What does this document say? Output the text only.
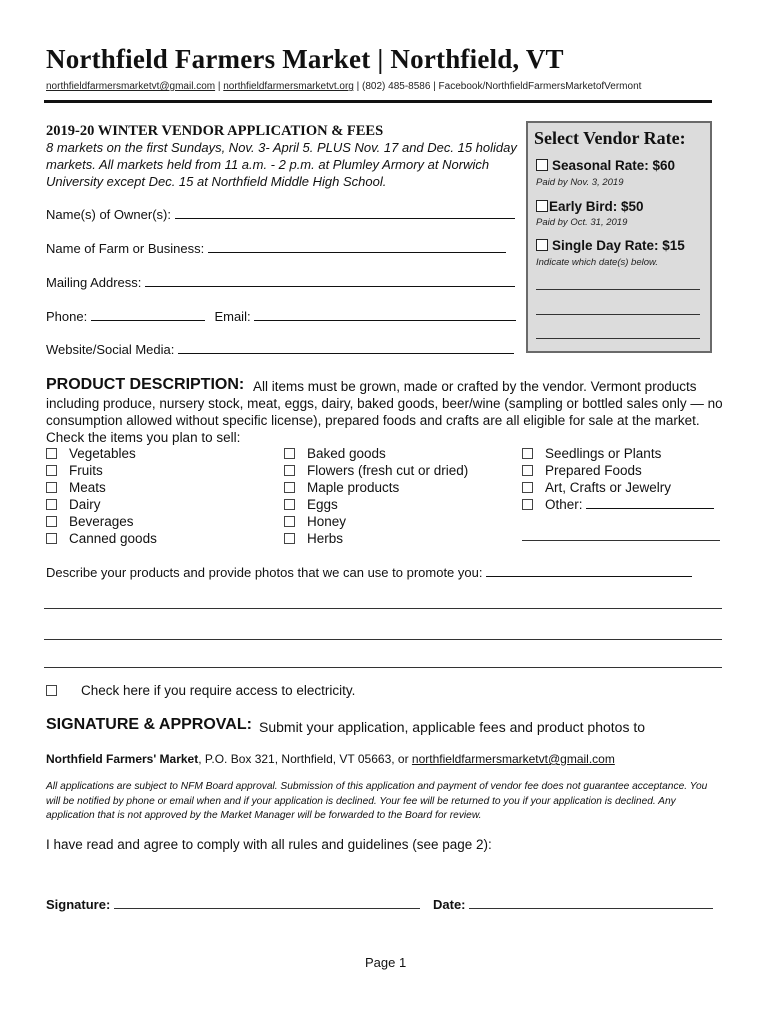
Northfield Farmers Market | Northfield, VT
northfieldfarmersmarketvt@gmail.com | northfieldfarmersmarketvt.org | (802) 485-8586 | Facebook/NorthfieldFarmersMarketofVermont
2019-20 WINTER VENDOR APPLICATION & FEES
8 markets on the first Sundays, Nov. 3- April 5. PLUS Nov. 17 and Dec. 15 holiday markets. All markets held from 11 a.m. - 2 p.m. at Plumley Armory at Norwich University except Dec. 15 at Northfield Middle High School.
Name(s) of Owner(s):
Name of Farm or Business:
Mailing Address:
Phone:	Email:
Website/Social Media:
Select Vendor Rate:
Seasonal Rate: $60
Paid by Nov. 3, 2019
Early Bird: $50
Paid by Oct. 31, 2019
Single Day Rate: $15
Indicate which date(s) below.
All items must be grown, made or crafted by the vendor. Vermont products including produce, nursery stock, meat, eggs, dairy, baked goods, beer/wine (sampling or bottled sales only — no consumption allowed without specific license), prepared foods and crafts are all eligible for sale at the market. Check the items you plan to sell:
PRODUCT DESCRIPTION:
Vegetables
Fruits
Meats
Dairy
Beverages
Canned goods
Baked goods
Flowers (fresh cut or dried)
Maple products
Eggs
Honey
Herbs
Seedlings or Plants
Prepared Foods
Art, Crafts or Jewelry
Other:
Describe your products and provide photos that we can use to promote you:
Check here if you require access to electricity.
SIGNATURE & APPROVAL: Submit your application, applicable fees and product photos to
Northfield Farmers' Market, P.O. Box 321, Northfield, VT 05663, or northfieldfarmersmarketvt@gmail.com
All applications are subject to NFM Board approval. Submission of this application and payment of vendor fee does not guarantee acceptance. You will be notified by phone or email when and if your application is declined. Your fee will be returned to you if your application is declined. Any application that is not approved by the Market Manager will be forwarded to the Board for review.
I have read and agree to comply with all rules and guidelines (see page 2):
Signature:	Date:
Page 1
